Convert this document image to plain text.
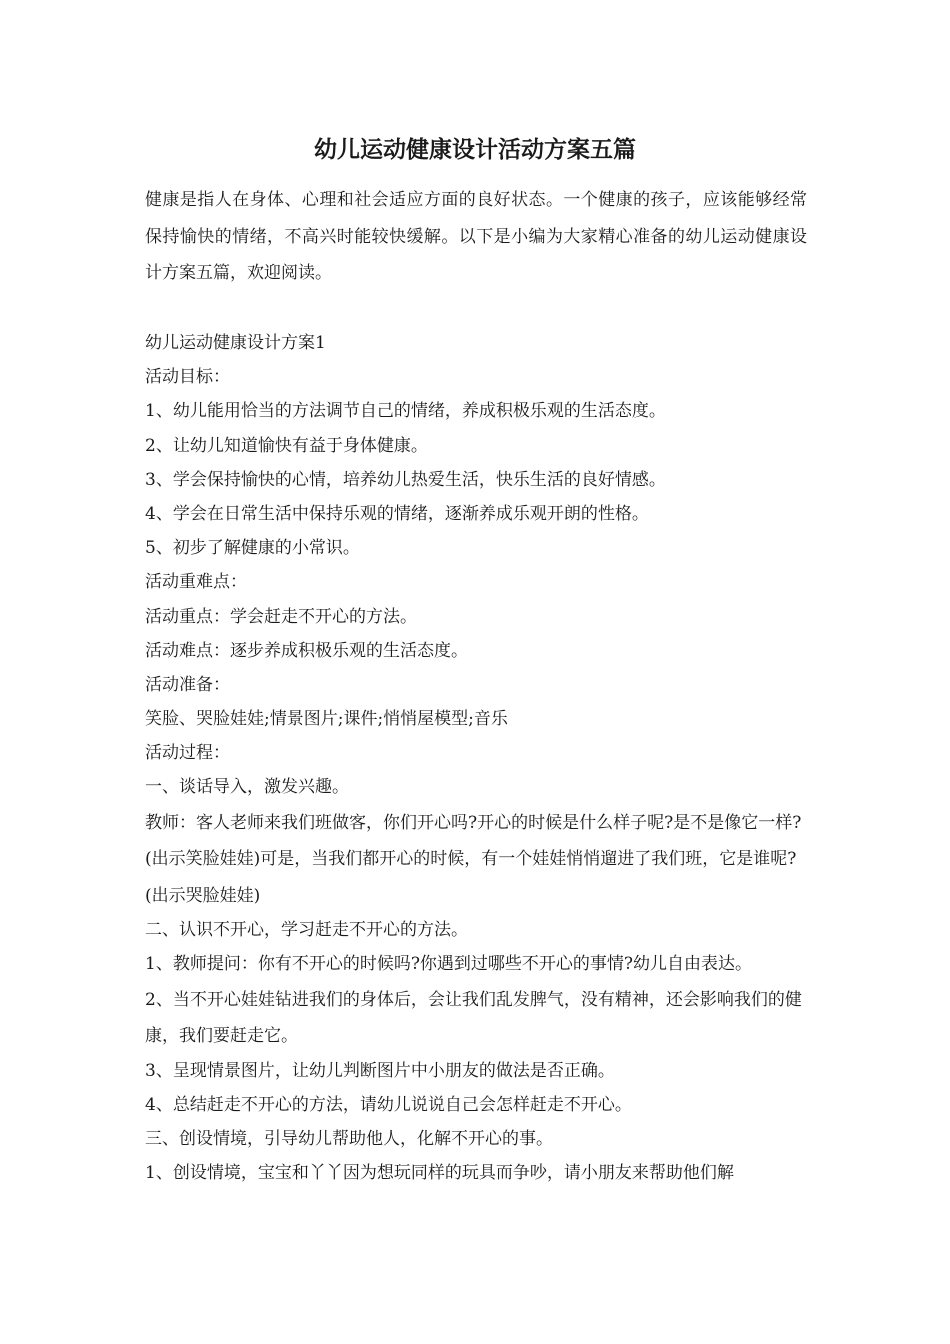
幼儿运动健康设计活动方案五篇
健康是指人在身体、心理和社会适应方面的良好状态。一个健康的孩子，应该能够经常保持愉快的情绪，不高兴时能较快缓解。以下是小编为大家精心准备的幼儿运动健康设计方案五篇，欢迎阅读。
幼儿运动健康设计方案1
活动目标：
1、幼儿能用恰当的方法调节自己的情绪，养成积极乐观的生活态度。
2、让幼儿知道愉快有益于身体健康。
3、学会保持愉快的心情，培养幼儿热爱生活，快乐生活的良好情感。
4、学会在日常生活中保持乐观的情绪，逐渐养成乐观开朗的性格。
5、初步了解健康的小常识。
活动重难点：
活动重点：学会赶走不开心的方法。
活动难点：逐步养成积极乐观的生活态度。
活动准备：
笑脸、哭脸娃娃;情景图片;课件;悄悄屋模型;音乐
活动过程：
一、谈话导入，激发兴趣。
教师：客人老师来我们班做客，你们开心吗?开心的时候是什么样子呢?是不是像它一样?(出示笑脸娃娃)可是，当我们都开心的时候，有一个娃娃悄悄遛进了我们班，它是谁呢?(出示哭脸娃娃)
二、认识不开心，学习赶走不开心的方法。
1、教师提问：你有不开心的时候吗?你遇到过哪些不开心的事情?幼儿自由表达。
2、当不开心娃娃钻进我们的身体后，会让我们乱发脾气，没有精神，还会影响我们的健康，我们要赶走它。
3、呈现情景图片，让幼儿判断图片中小朋友的做法是否正确。
4、总结赶走不开心的方法，请幼儿说说自己会怎样赶走不开心。
三、创设情境，引导幼儿帮助他人，化解不开心的事。
1、创设情境，宝宝和丫丫因为想玩同样的玩具而争吵，请小朋友来帮助他们解
